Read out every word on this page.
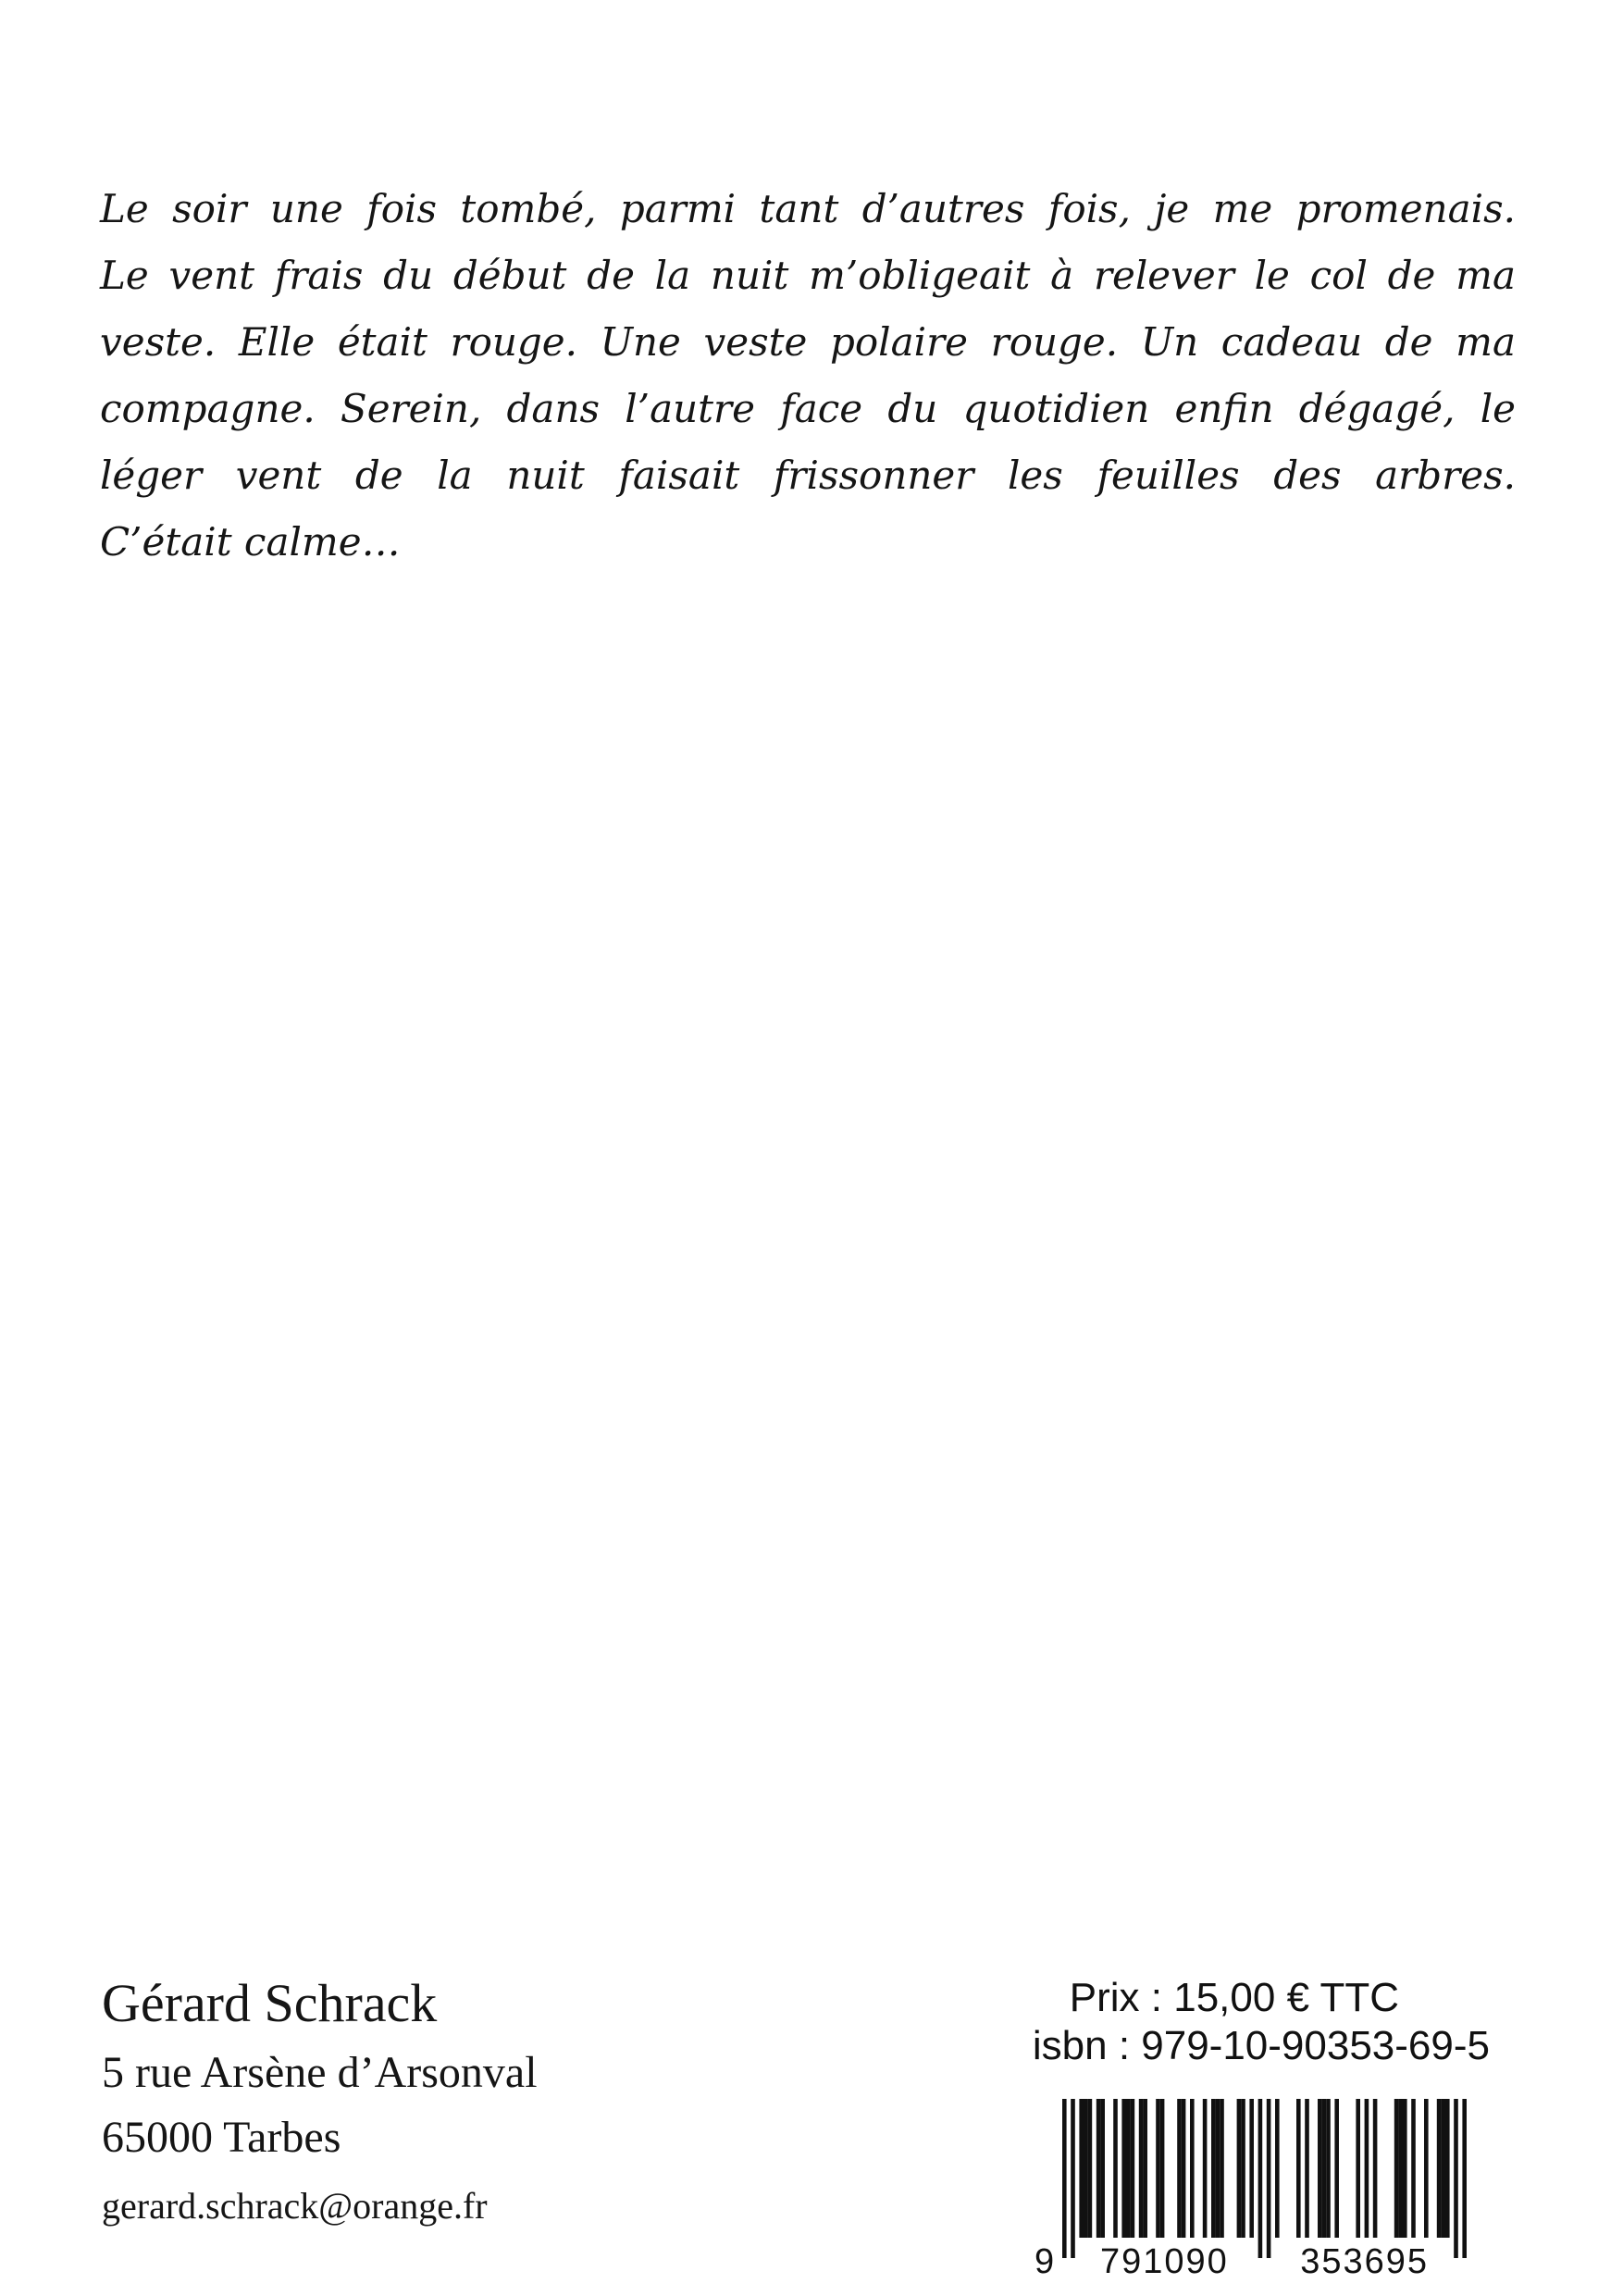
Le soir une fois tombé, parmi tant d’autres fois, je me promenais.
Le vent frais du début de la nuit m’obligeait à relever le col de ma
veste. Elle était rouge. Une veste polaire rouge. Un cadeau de ma
compagne. Serein, dans l’autre face du quotidien enfin dégagé, le
léger vent de la nuit faisait frissonner les feuilles des arbres.
C’était calme…
Gérard Schrack
5 rue Arsène d’Arsonval
65000 Tarbes
gerard.schrack@orange.fr
Prix : 15,00 € TTC
isbn : 979-10-90353-69-5
9 791090 353695
